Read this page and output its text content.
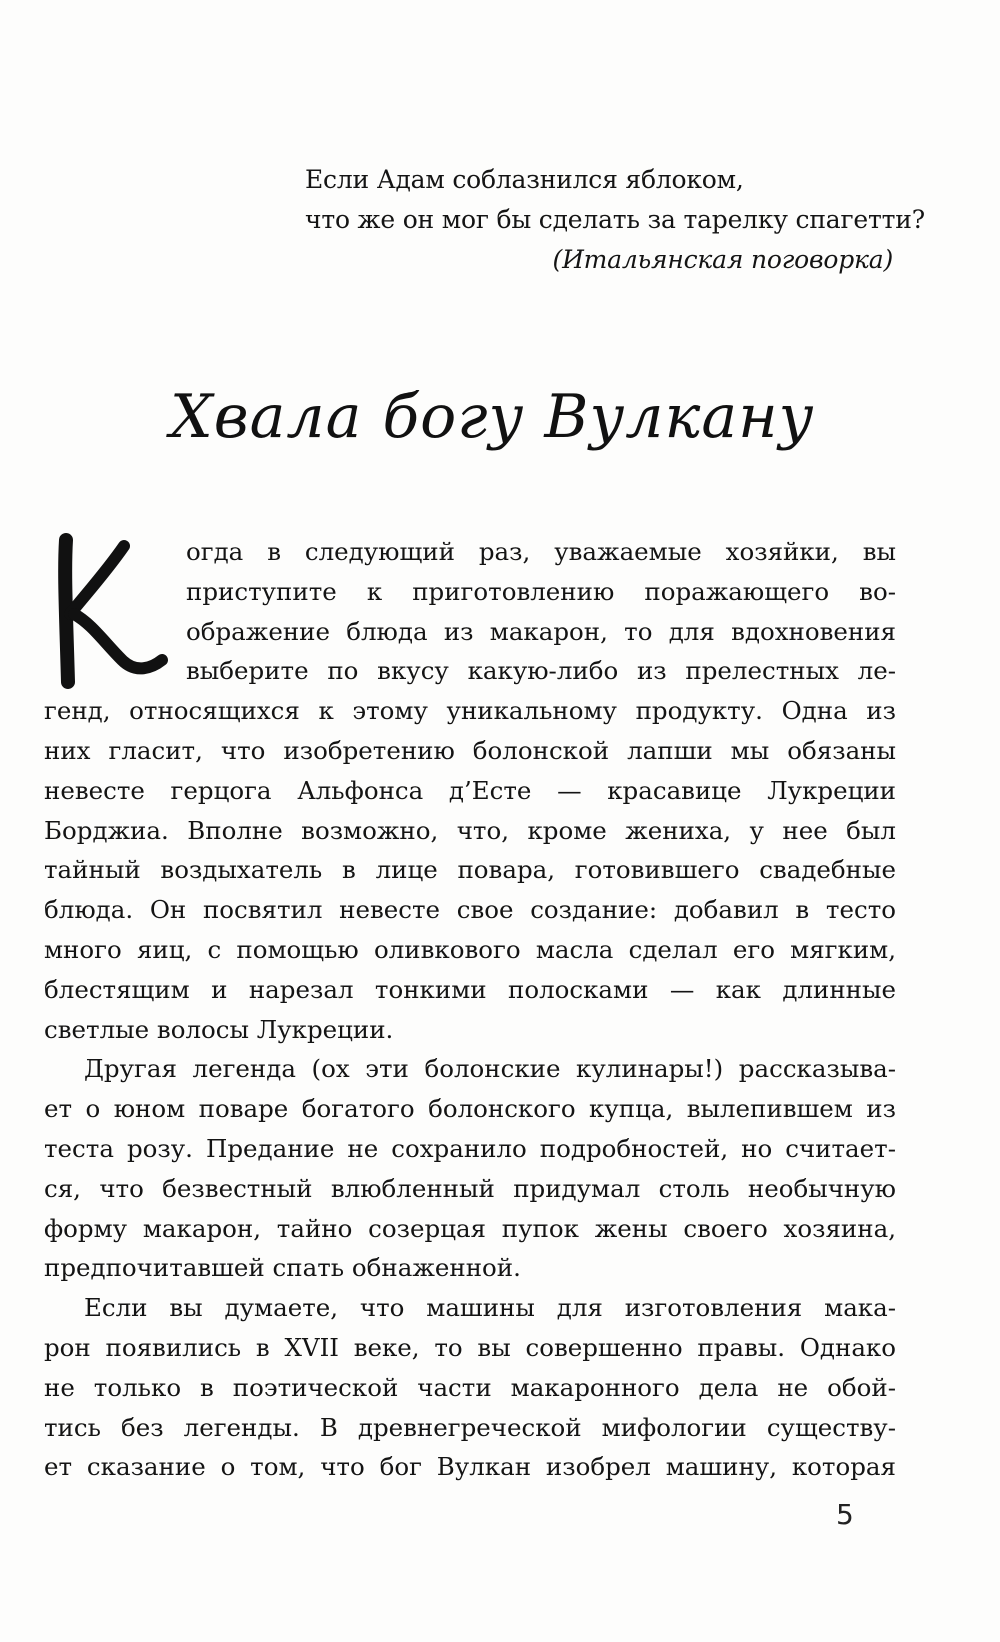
Если Адам соблазнился яблоком,
что же он мог бы сделать за тарелку спагетти?
(Итальянская поговорка)
Хвала богу Вулкану
огда в следующий раз, уважаемые хозяйки, вы
приступите к приготовлению поражающего во-
ображение блюда из макарон, то для вдохновения
выберите по вкусу какую-либо из прелестных ле-
генд, относящихся к этому уникальному продукту. Одна из
них гласит, что изобретению болонской лапши мы обязаны
невесте герцога Альфонса д’Есте — красавице Лукреции
Борджиа. Вполне возможно, что, кроме жениха, у нее был
тайный воздыхатель в лице повара, готовившего свадебные
блюда. Он посвятил невесте свое создание: добавил в тесто
много яиц, с помощью оливкового масла сделал его мягким,
блестящим и нарезал тонкими полосками — как длинные
светлые волосы Лукреции.
Другая легенда (ох эти болонские кулинары!) рассказыва-
ет о юном поваре богатого болонского купца, вылепившем из
теста розу. Предание не сохранило подробностей, но считает-
ся, что безвестный влюбленный придумал столь необычную
форму макарон, тайно созерцая пупок жены своего хозяина,
предпочитавшей спать обнаженной.
Если вы думаете, что машины для изготовления мака-
рон появились в XVII веке, то вы совершенно правы. Однако
не только в поэтической части макаронного дела не обой-
тись без легенды. В древнегреческой мифологии существу-
ет сказание о том, что бог Вулкан изобрел машину, которая
5
